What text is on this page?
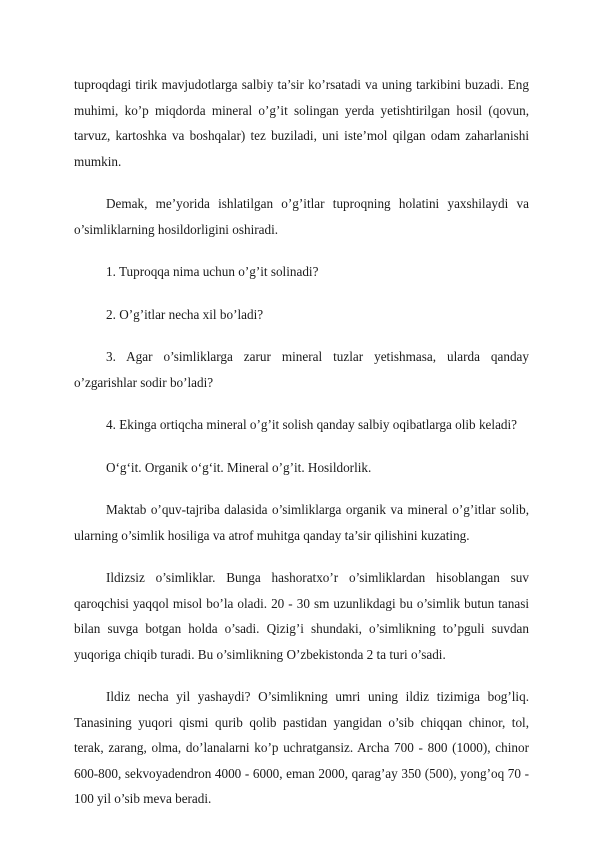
tuproqdagi tirik mavjudotlarga salbiy ta’sir ko’rsatadi va uning tarkibini buzadi. Eng muhimi, ko’p miqdorda mineral o’g’it solingan yerda yetishtirilgan hosil (qovun, tarvuz, kartoshka va boshqalar) tez buziladi, uni iste’mol qilgan odam zaharlanishi mumkin.

Demak, me’yorida ishlatilgan o’g’itlar tuproqning holatini yaxshilaydi va o’simliklarning hosildorligini oshiradi.

1. Tuproqqa nima uchun o’g’it solinadi?

2. O’g’itlar necha xil bo’ladi?

3. Agar o’simliklarga zarur mineral tuzlar yetishmasa, ularda qanday o’zgarishlar sodir bo’ladi?

4. Ekinga ortiqcha mineral o’g’it solish qanday salbiy oqibatlarga olib keladi?

O‘g‘it. Organik o‘g‘it. Mineral o’g’it. Hosildorlik.

Maktab o’quv-tajriba dalasida o’simliklarga organik va mineral o’g’itlar solib, ularning o’simlik hosiliga va atrof muhitga qanday ta’sir qilishini kuzating.

Ildizsiz o’simliklar. Bunga hashoratxo’r o’simliklardan hisoblangan suv qaroqchisi yaqqol misol bo’la oladi. 20 - 30 sm uzunlikdagi bu o’simlik butun tanasi bilan suvga botgan holda o’sadi. Qizig’i shundaki, o’simlikning to’pguli suvdan yuqoriga chiqib turadi. Bu o’simlikning O’zbekistonda 2 ta turi o’sadi.

Ildiz necha yil yashaydi? O’simlikning umri uning ildiz tizimiga bog’liq. Tanasining yuqori qismi qurib qolib pastidan yangidan o’sib chiqqan chinor, tol, terak, zarang, olma, do’lanalarni ko’p uchratgansiz. Archa 700 - 800 (1000), chinor 600-800, sekvoyadendron 4000 - 6000, eman 2000, qarag’ay 350 (500), yong’oq 70 - 100 yil o’sib meva beradi.
